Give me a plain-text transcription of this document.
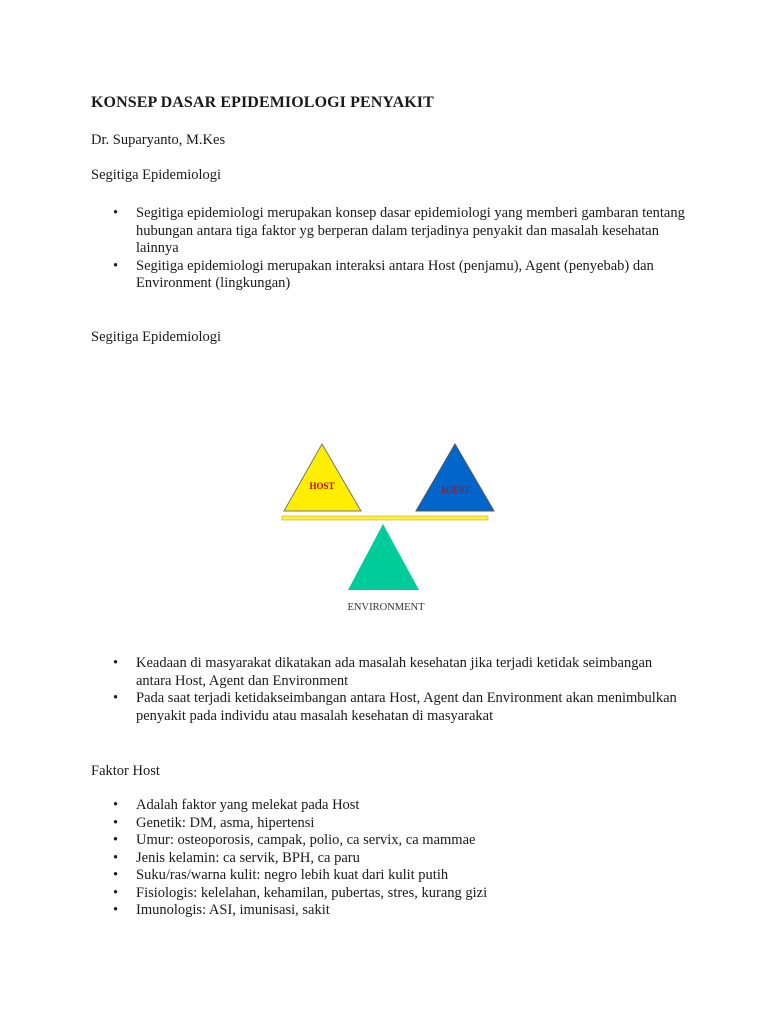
KONSEP DASAR EPIDEMIOLOGI PENYAKIT

Dr. Suparyanto, M.Kes

Segitiga Epidemiologi

• Segitiga epidemiologi merupakan konsep dasar epidemiologi yang memberi gambaran tentang hubungan antara tiga faktor yg berperan dalam terjadinya penyakit dan masalah kesehatan lainnya
• Segitiga epidemiologi merupakan interaksi antara Host (penjamu), Agent (penyebab) dan Environment (lingkungan)

Segitiga Epidemiologi

HOST	AGENT
ENVIRONMENT
• Keadaan di masyarakat dikatakan ada masalah kesehatan jika terjadi ketidak seimbangan antara Host, Agent dan Environment
• Pada saat terjadi ketidakseimbangan antara Host, Agent dan Environment akan menimbulkan penyakit pada individu atau masalah kesehatan di masyarakat

Faktor Host

• Adalah faktor yang melekat pada Host
• Genetik: DM, asma, hipertensi
• Umur: osteoporosis, campak, polio, ca servix, ca mammae
• Jenis kelamin: ca servik, BPH, ca paru
• Suku/ras/warna kulit: negro lebih kuat dari kulit putih
• Fisiologis: kelelahan, kehamilan, pubertas, stres, kurang gizi
• Imunologis: ASI, imunisasi, sakit
